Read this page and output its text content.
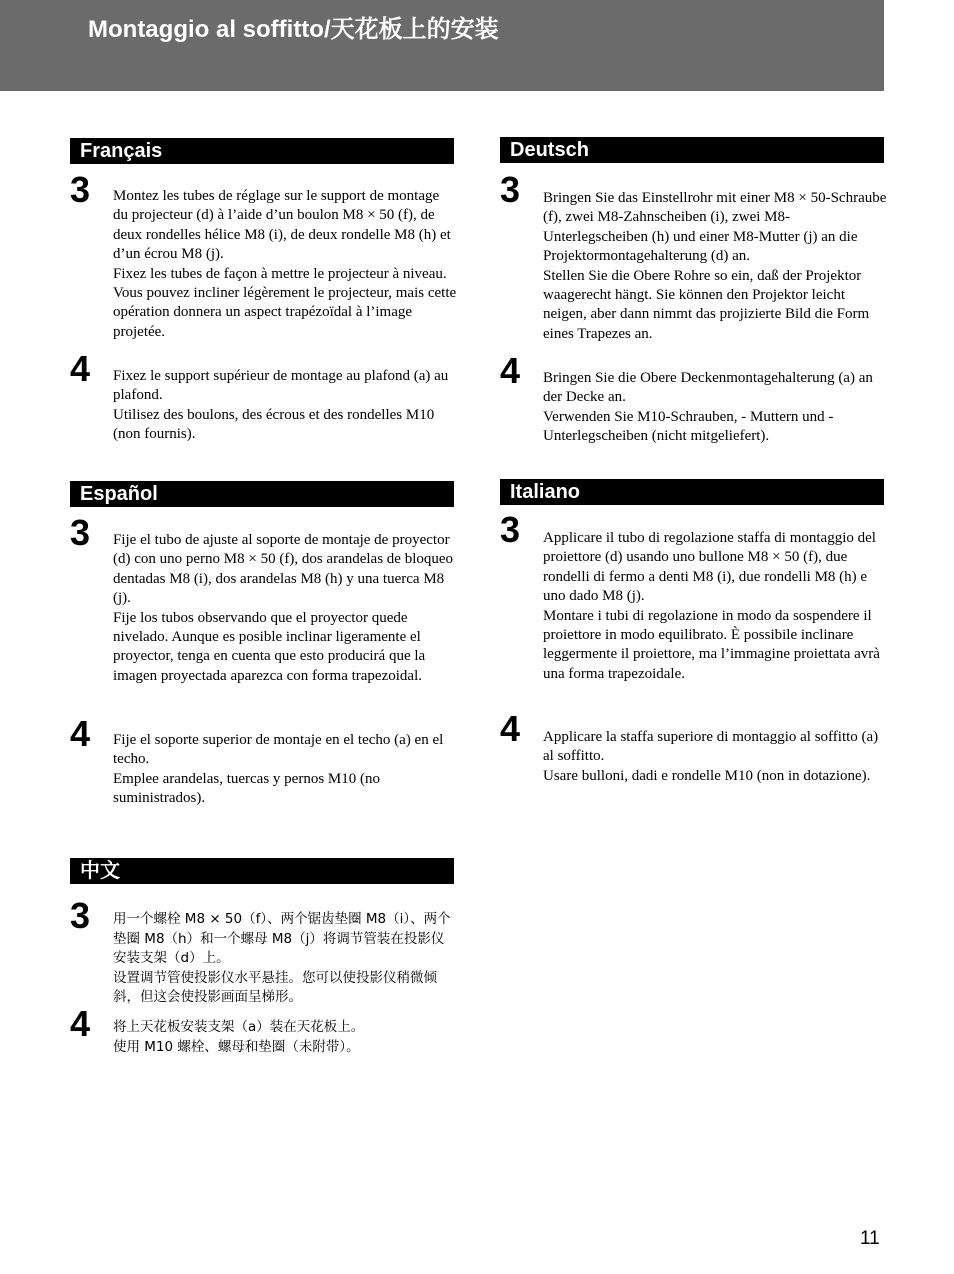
Montaggio al soffitto/天花板上的安装
Français
3 Montez les tubes de réglage sur le support de montage du projecteur (d) à l’aide d’un boulon M8 × 50 (f), de deux rondelles hélice M8 (i), de deux rondelle M8 (h) et d’un écrou M8 (j).

Fixez les tubes de façon à mettre le projecteur à niveau. Vous pouvez incliner légèrement le projecteur, mais cette opération donnera un aspect trapézoïdal à l’image projetée.

4 Fixez le support supérieur de montage au plafond (a) au plafond.

Utilisez des boulons, des écrous et des rondelles M10 (non fournis).

Español
3 Fije el tubo de ajuste al soporte de montaje de proyector (d) con uno perno M8 × 50 (f), dos arandelas de bloqueo dentadas M8 (i), dos arandelas M8 (h) y una tuerca M8 (j).

Fije los tubos observando que el proyector quede nivelado. Aunque es posible inclinar ligeramente el proyector, tenga en cuenta que esto producirá que la imagen proyectada aparezca con forma trapezoidal.

4 Fije el soporte superior de montaje en el techo (a) en el techo.

Emplee arandelas, tuercas y pernos M10 (no suministrados).

中文
3 用一个螺栓 M8 × 50（f）、两个锯齿垫圈 M8（i）、两个垫圈 M8（h）和一个螺母 M8（j）将调节管装在投影仪安装支架（d）上。

设置调节管使投影仪水平悬挂。您可以使投影仪稍微倾斜，但这会使投影画面呈梯形。

4 将上天花板安装支架（a）装在天花板上。

使用 M10 螺栓、螺母和垫圈（未附带）。

Deutsch
3 Bringen Sie das Einstellrohr mit einer M8 × 50-Schraube (f), zwei M8-Zahnscheiben (i), zwei M8-Unterlegscheiben (h) und einer M8-Mutter (j) an die Projektormontagehalterung (d) an.

Stellen Sie die Obere Rohre so ein, daß der Projektor waagerecht hängt. Sie können den Projektor leicht neigen, aber dann nimmt das projizierte Bild die Form eines Trapezes an.

4 Bringen Sie die Obere Deckenmontagehalterung (a) an der Decke an.

Verwenden Sie M10-Schrauben, - Muttern und - Unterlegscheiben (nicht mitgeliefert).

Italiano
3 Applicare il tubo di regolazione staffa di montaggio del proiettore (d) usando uno bullone M8 × 50 (f), due rondelli di fermo a denti M8 (i), due rondelli M8 (h) e uno dado M8 (j).

Montare i tubi di regolazione in modo da sospendere il proiettore in modo equilibrato. È possibile inclinare leggermente il proiettore, ma l’immagine proiettata avrà una forma trapezoidale.

4 Applicare la staffa superiore di montaggio al soffitto (a) al soffitto.

Usare bulloni, dadi e rondelle M10 (non in dotazione).

11
